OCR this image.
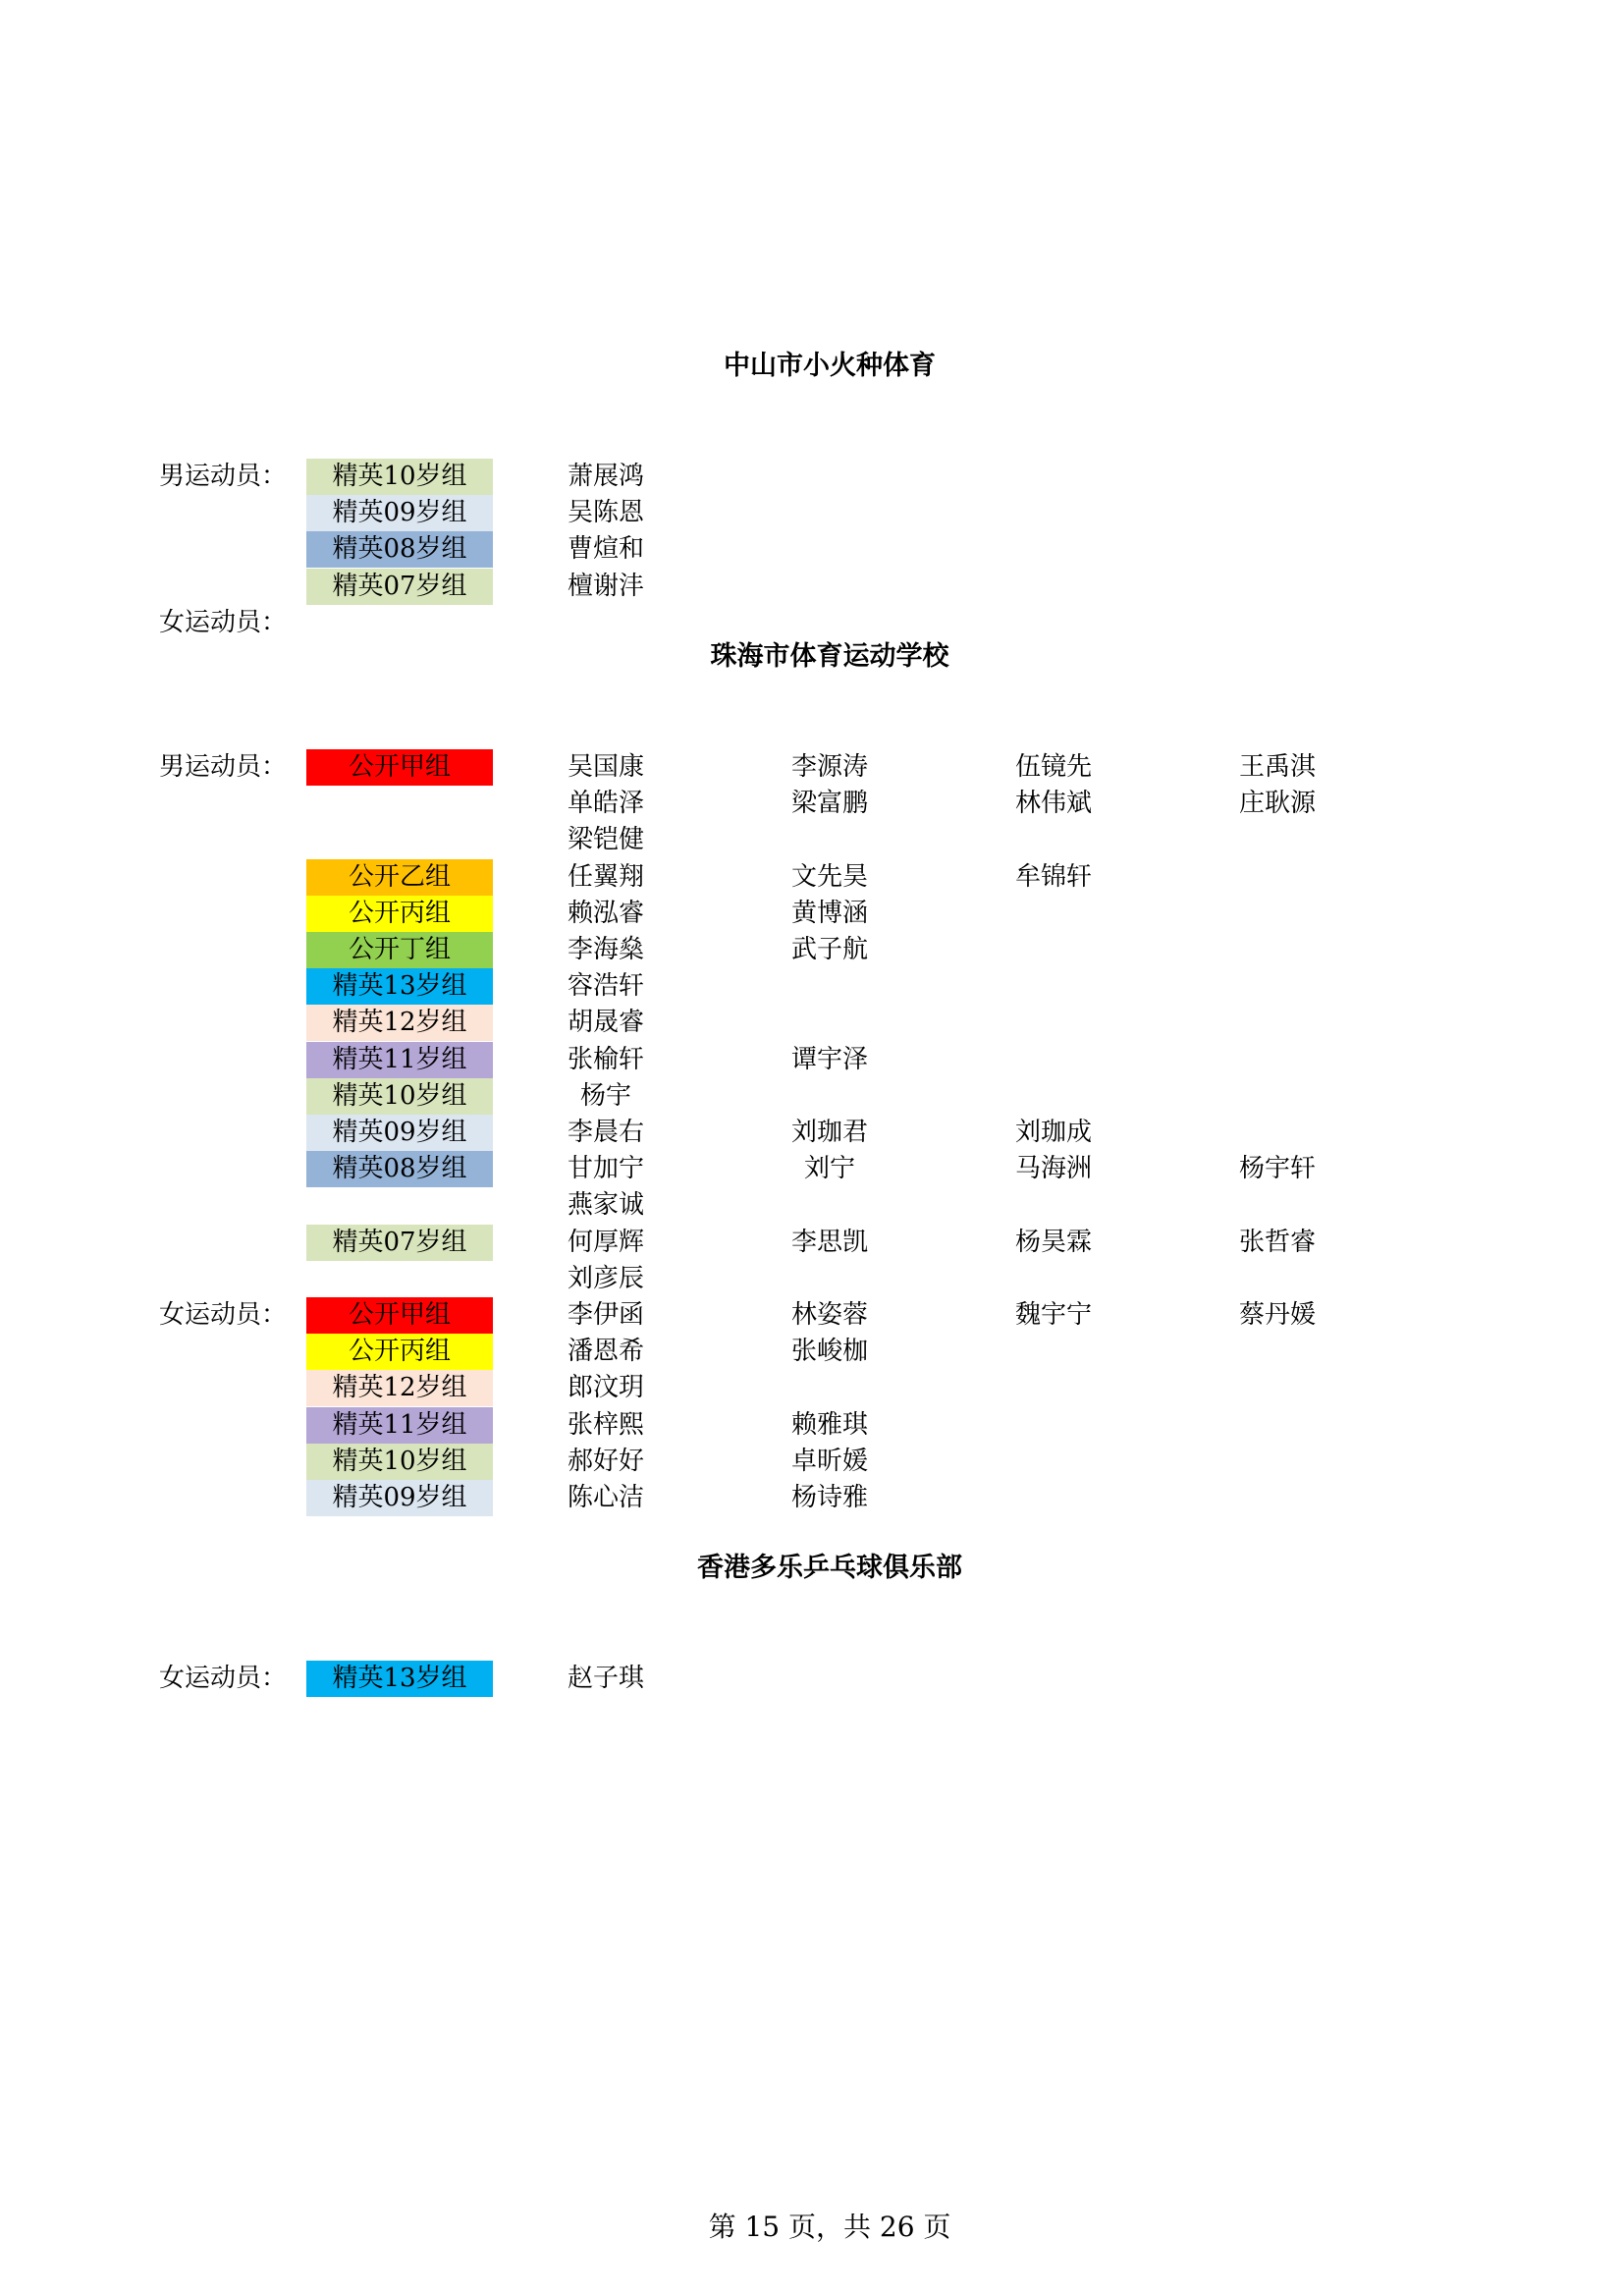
中山市小火种体育
男运动员：	精英10岁组	萧展鸿
精英09岁组	吴陈恩
精英08岁组	曹煊和
精英07岁组	檀谢沣
女运动员：
珠海市体育运动学校
男运动员：	公开甲组	吴国康	李源涛	伍镜先	王禹淇
单皓泽	梁富鹏	林伟斌	庄耿源
梁铠健
公开乙组	任翼翔	文先昊	牟锦轩
公开丙组	赖泓睿	黄博涵
公开丁组	李海燊	武子航
精英13岁组	容浩轩
精英12岁组	胡晟睿
精英11岁组	张榆轩	谭宇泽
精英10岁组	杨宇
精英09岁组	李晨右	刘珈君	刘珈成
精英08岁组	甘加宁	刘宁	马海洲	杨宇轩
燕家诚
精英07岁组	何厚辉	李思凯	杨昊霖	张哲睿
刘彦辰
女运动员：	公开甲组	李伊函	林姿蓉	魏宇宁	蔡丹媛
公开丙组	潘恩希	张峻枷
精英12岁组	郎汶玥
精英11岁组	张梓熙	赖雅琪
精英10岁组	郝好好	卓昕媛
精英09岁组	陈心洁	杨诗雅
香港多乐乒乓球俱乐部
女运动员：	精英13岁组	赵子琪
第 15 页，共 26 页
